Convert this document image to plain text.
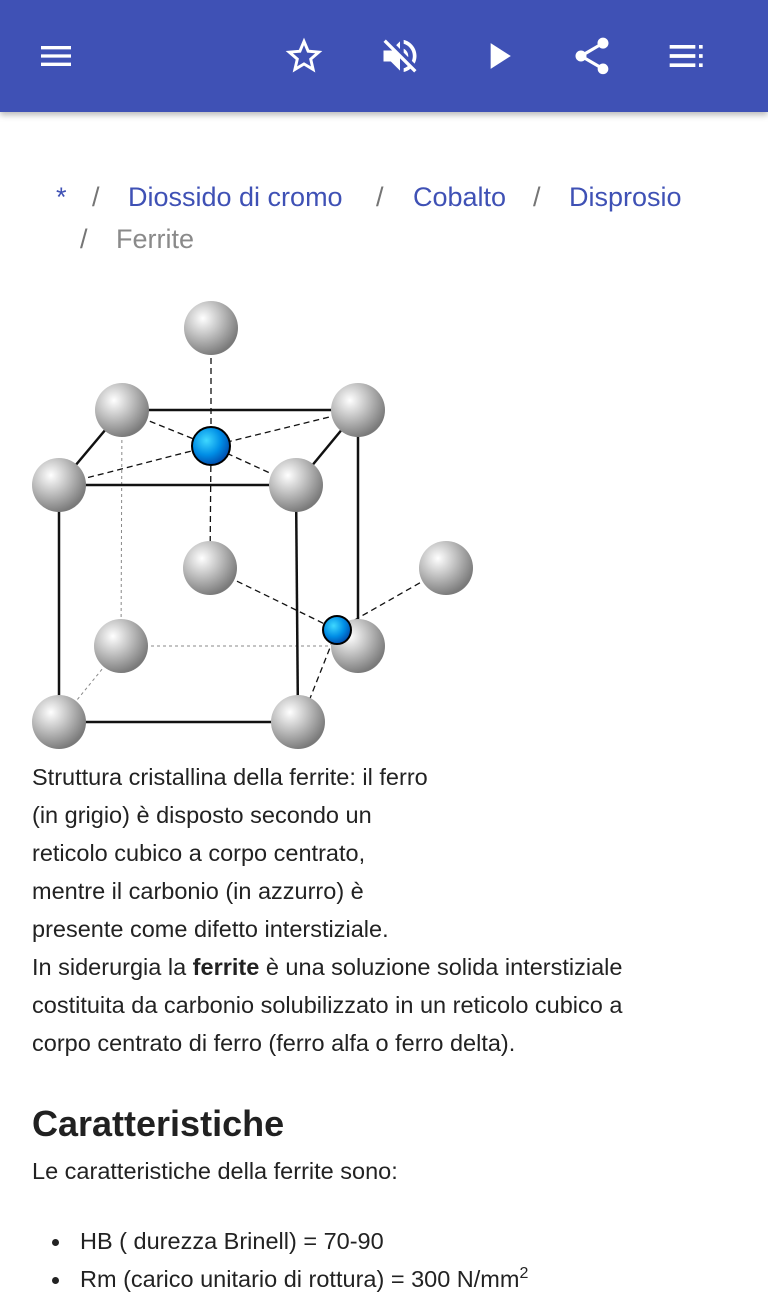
* / Diossido di cromo / Cobalto / Disprosio
/ Ferrite
Struttura cristallina della ferrite: il ferro
(in grigio) è disposto secondo un
reticolo cubico a corpo centrato,
mentre il carbonio (in azzurro) è
presente come difetto interstiziale.
In siderurgia la ferrite è una soluzione solida interstiziale
costituita da carbonio solubilizzato in un reticolo cubico a
corpo centrato di ferro (ferro alfa o ferro delta).
Caratteristiche
Le caratteristiche della ferrite sono:
HB ( durezza Brinell) = 70-90
Rm (carico unitario di rottura) = 300 $N/mm^2$
